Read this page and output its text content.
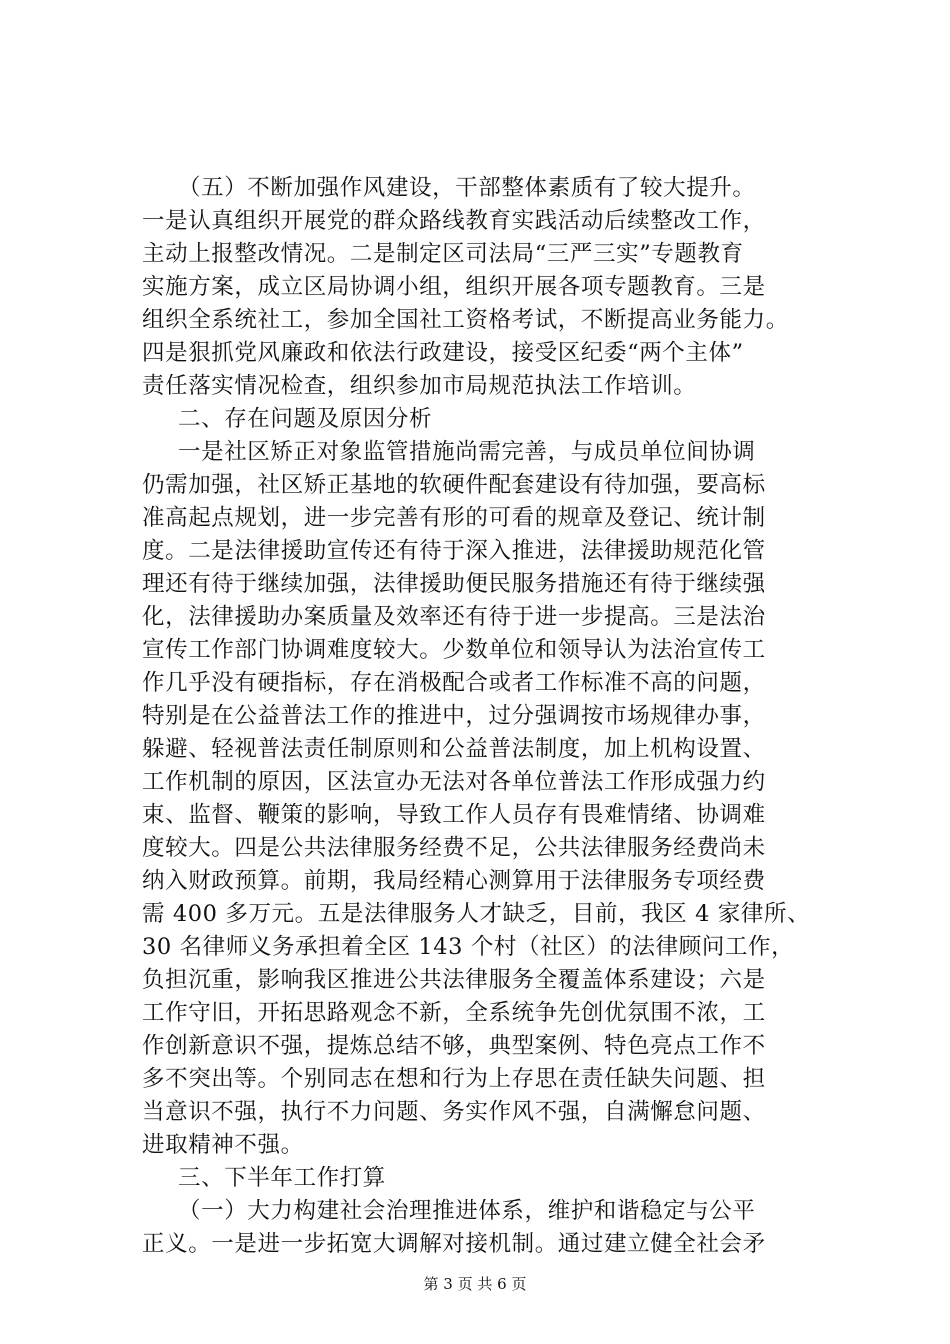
（五）不断加强作风建设，干部整体素质有了较大提升。
一是认真组织开展党的群众路线教育实践活动后续整改工作，
主动上报整改情况。二是制定区司法局“三严三实”专题教育
实施方案，成立区局协调小组，组织开展各项专题教育。三是
组织全系统社工，参加全国社工资格考试，不断提高业务能力。
四是狠抓党风廉政和依法行政建设，接受区纪委“两个主体”
责任落实情况检查，组织参加市局规范执法工作培训。
二、存在问题及原因分析
一是社区矫正对象监管措施尚需完善，与成员单位间协调
仍需加强，社区矫正基地的软硬件配套建设有待加强，要高标
准高起点规划，进一步完善有形的可看的规章及登记、统计制
度。二是法律援助宣传还有待于深入推进，法律援助规范化管
理还有待于继续加强，法律援助便民服务措施还有待于继续强
化，法律援助办案质量及效率还有待于进一步提高。三是法治
宣传工作部门协调难度较大。少数单位和领导认为法治宣传工
作几乎没有硬指标，存在消极配合或者工作标准不高的问题，
特别是在公益普法工作的推进中，过分强调按市场规律办事，
躲避、轻视普法责任制原则和公益普法制度，加上机构设置、
工作机制的原因，区法宣办无法对各单位普法工作形成强力约
束、监督、鞭策的影响，导致工作人员存有畏难情绪、协调难
度较大。四是公共法律服务经费不足，公共法律服务经费尚未
纳入财政预算。前期，我局经精心测算用于法律服务专项经费
需 400 多万元。五是法律服务人才缺乏，目前，我区 4 家律所、
30 名律师义务承担着全区 143 个村（社区）的法律顾问工作，
负担沉重，影响我区推进公共法律服务全覆盖体系建设；六是
工作守旧，开拓思路观念不新，全系统争先创优氛围不浓，工
作创新意识不强，提炼总结不够，典型案例、特色亮点工作不
多不突出等。个别同志在想和行为上存思在责任缺失问题、担
当意识不强，执行不力问题、务实作风不强，自满懈怠问题、
进取精神不强。
三、下半年工作打算
（一）大力构建社会治理推进体系，维护和谐稳定与公平
正义。一是进一步拓宽大调解对接机制。通过建立健全社会矛
第 3 页 共 6 页
